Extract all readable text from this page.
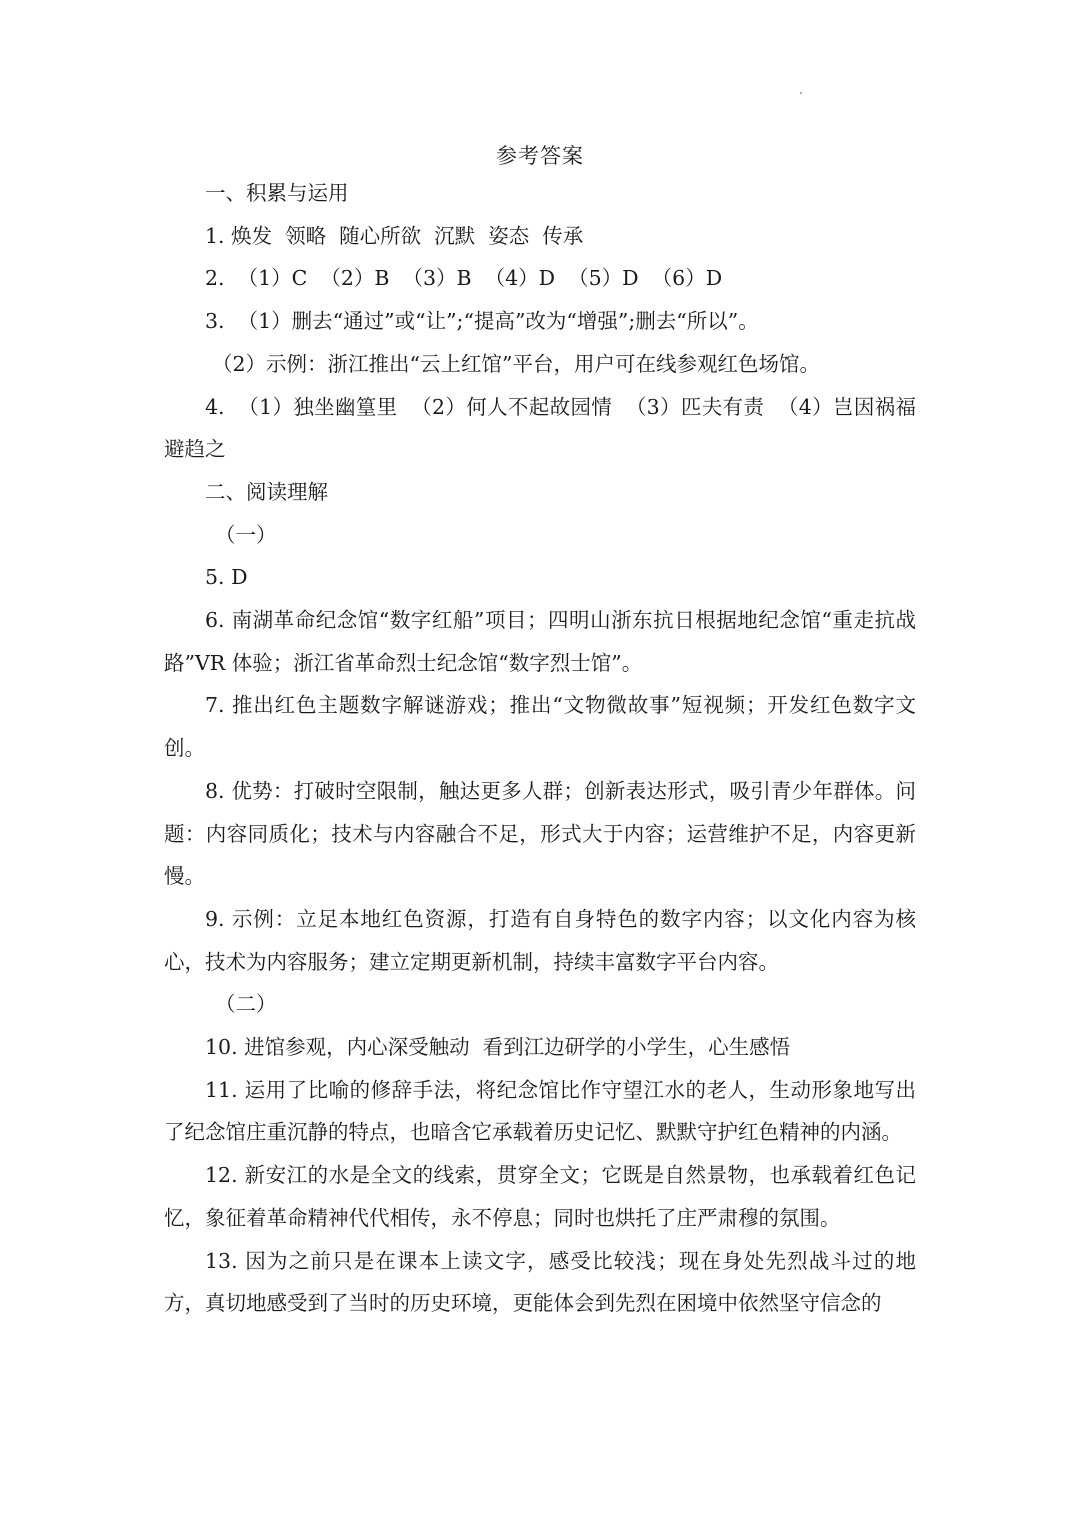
参考答案

一、积累与运用

1. 焕发  领略  随心所欲  沉默  姿态  传承

2.  （1）C  （2）B  （3）B  （4）D  （5）D  （6）D

3.  （1）删去“通过”或“让”;“提高”改为“增强”;删去“所以”。

（2）示例：浙江推出“云上红馆”平台，用户可在线参观红色场馆。

4.  （1）独坐幽篁里  （2）何人不起故园情  （3）匹夫有责  （4）岂因祸福避趋之

二、阅读理解

（一）

5. D

6. 南湖革命纪念馆“数字红船”项目；四明山浙东抗日根据地纪念馆“重走抗战路”VR 体验；浙江省革命烈士纪念馆“数字烈士馆”。

7. 推出红色主题数字解谜游戏；推出“文物微故事”短视频；开发红色数字文创。

8. 优势：打破时空限制，触达更多人群；创新表达形式，吸引青少年群体。问题：内容同质化；技术与内容融合不足，形式大于内容；运营维护不足，内容更新慢。

9. 示例：立足本地红色资源，打造有自身特色的数字内容；以文化内容为核心，技术为内容服务；建立定期更新机制，持续丰富数字平台内容。

（二）

10. 进馆参观，内心深受触动  看到江边研学的小学生，心生感悟

11. 运用了比喻的修辞手法，将纪念馆比作守望江水的老人，生动形象地写出了纪念馆庄重沉静的特点，也暗含它承载着历史记忆、默默守护红色精神的内涵。

12. 新安江的水是全文的线索，贯穿全文；它既是自然景物，也承载着红色记忆，象征着革命精神代代相传，永不停息；同时也烘托了庄严肃穆的氛围。

13. 因为之前只是在课本上读文字，感受比较浅；现在身处先烈战斗过的地方，真切地感受到了当时的历史环境，更能体会到先烈在困境中依然坚守信念的
